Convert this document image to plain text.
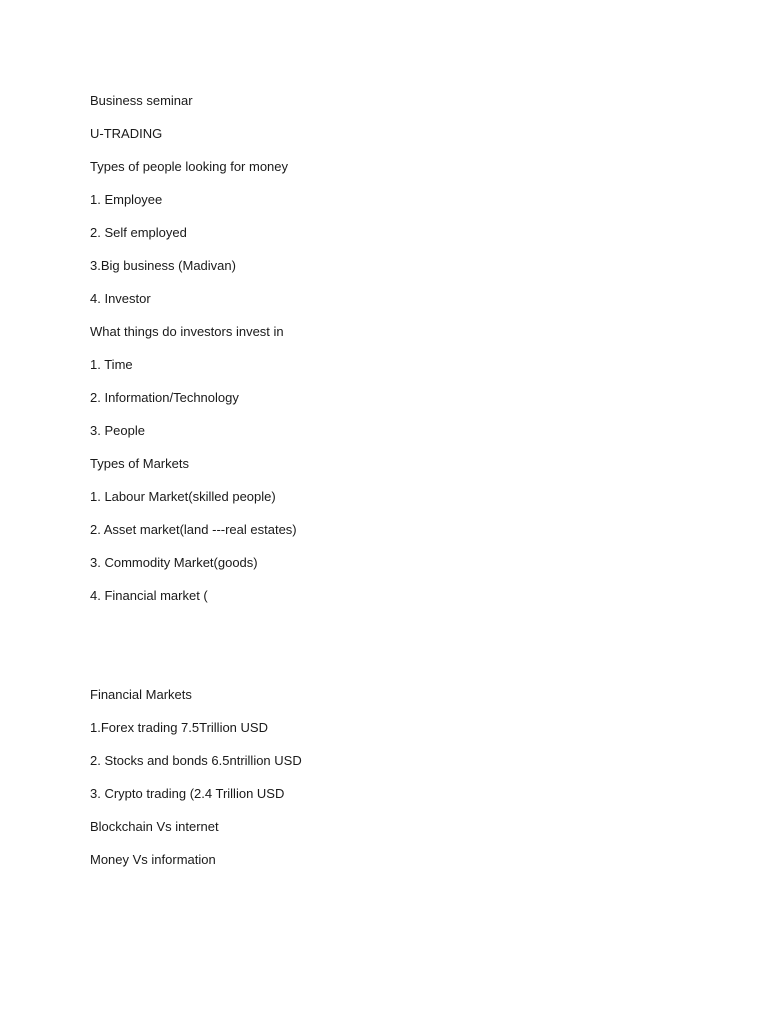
Business seminar
U-TRADING
Types of people looking for money
1. Employee
2. Self employed
3.Big business (Madivan)
4. Investor
What things do investors invest in
1. Time
2. Information/Technology
3. People
Types of Markets
1. Labour Market(skilled people)
2. Asset market(land ---real estates)
3. Commodity Market(goods)
4. Financial market (
Financial Markets
1.Forex trading 7.5Trillion USD
2. Stocks and bonds 6.5ntrillion USD
3. Crypto trading (2.4 Trillion USD
Blockchain Vs internet
Money Vs information
